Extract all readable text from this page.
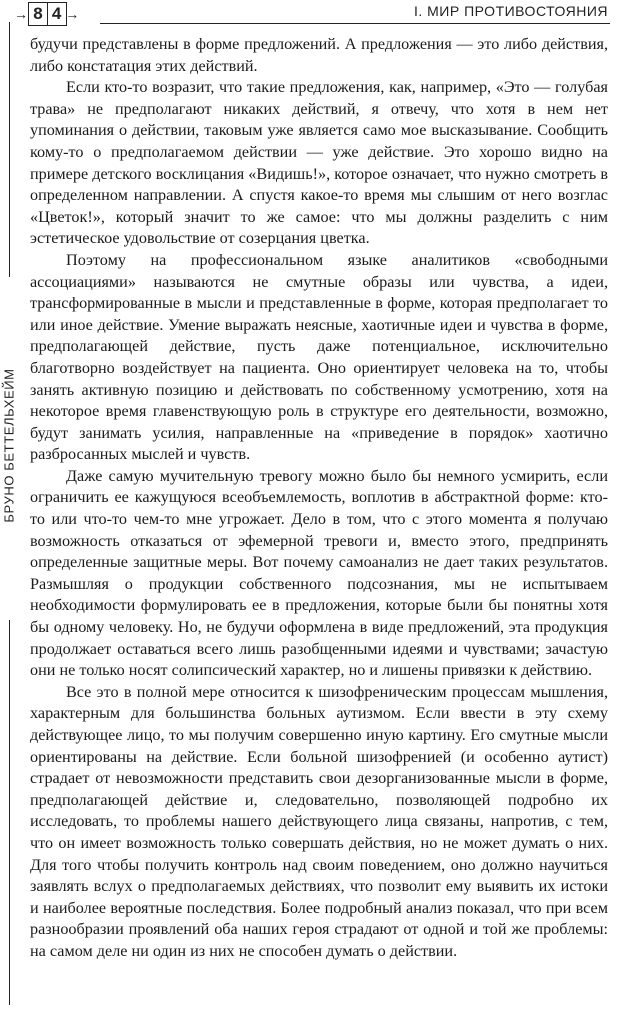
→ 8 4 →	I. МИР ПРОТИВОСТОЯНИЯ
БРУНО БЕТТЕЛЬХЕЙМ

будучи представлены в форме предложений. А предложения — это либо действия, либо констатация этих действий.

Если кто-то возразит, что такие предложения, как, например, «Это — голубая трава» не предполагают никаких действий, я отвечу, что хотя в нем нет упоминания о действии, таковым уже является само мое высказывание. Сообщить кому-то о предполагаемом действии — уже действие. Это хорошо видно на примере детского восклицания «Видишь!», которое означает, что нужно смотреть в определенном направлении. А спустя какое-то время мы слышим от него возглас «Цветок!», который значит то же самое: что мы должны разделить с ним эстетическое удовольствие от созерцания цветка.

Поэтому на профессиональном языке аналитиков «свободными ассоциациями» называются не смутные образы или чувства, а идеи, трансформированные в мысли и представленные в форме, которая предполагает то или иное действие. Умение выражать неясные, хаотичные идеи и чувства в форме, предполагающей действие, пусть даже потенциальное, исключительно благотворно воздействует на пациента. Оно ориентирует человека на то, чтобы занять активную позицию и действовать по собственному усмотрению, хотя на некоторое время главенствующую роль в структуре его деятельности, возможно, будут занимать усилия, направленные на «приведение в порядок» хаотично разбросанных мыслей и чувств.

Даже самую мучительную тревогу можно было бы немного усмирить, если ограничить ее кажущуюся всеобъемлемость, воплотив в абстрактной форме: кто-то или что-то чем-то мне угрожает. Дело в том, что с этого момента я получаю возможность отказаться от эфемерной тревоги и, вместо этого, предпринять определенные защитные меры. Вот почему самоанализ не дает таких результатов. Размышляя о продукции собственного подсознания, мы не испытываем необходимости формулировать ее в предложения, которые были бы понятны хотя бы одному человеку. Но, не будучи оформлена в виде предложений, эта продукция продолжает оставаться всего лишь разобщенными идеями и чувствами; зачастую они не только носят солипсический характер, но и лишены привязки к действию.

Все это в полной мере относится к шизофреническим процессам мышления, характерным для большинства больных аутизмом. Если ввести в эту схему действующее лицо, то мы получим совершенно иную картину. Его смутные мысли ориентированы на действие. Если больной шизофренией (и особенно аутист) страдает от невозможности представить свои дезорганизованные мысли в форме, предполагающей действие и, следовательно, позволяющей подробно их исследовать, то проблемы нашего действующего лица связаны, напротив, с тем, что он имеет возможность только совершать действия, но не может думать о них. Для того чтобы получить контроль над своим поведением, оно должно научиться заявлять вслух о предполагаемых действиях, что позволит ему выявить их истоки и наиболее вероятные последствия. Более подробный анализ показал, что при всем разнообразии проявлений оба наших героя страдают от одной и той же проблемы: на самом деле ни один из них не способен думать о действии.
